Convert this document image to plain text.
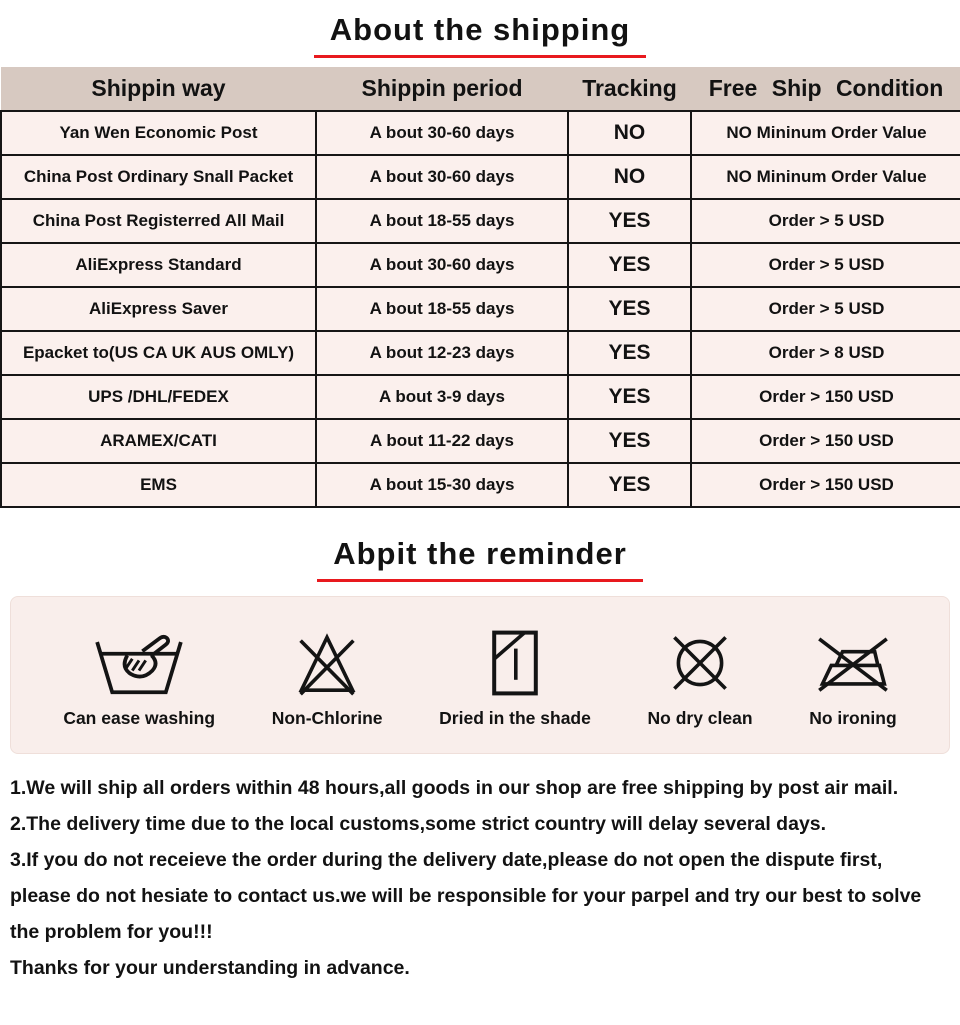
About the shipping
Shippin way	Shippin period	Tracking	Free Ship Condition
Yan Wen Economic Post	A bout 30-60 days	NO	NO Mininum Order Value
China Post Ordinary Snall Packet	A bout 30-60 days	NO	NO Mininum Order Value
China Post Registerred All Mail	A bout 18-55 days	YES	Order > 5 USD
AliExpress Standard	A bout 30-60 days	YES	Order > 5 USD
AliExpress Saver	A bout 18-55 days	YES	Order > 5 USD
Epacket to(US CA UK AUS OMLY)	A bout 12-23 days	YES	Order > 8 USD
UPS /DHL/FEDEX	A bout 3-9 days	YES	Order > 150 USD
ARAMEX/CATI	A bout 11-22 days	YES	Order > 150 USD
EMS	A bout 15-30 days	YES	Order > 150 USD
Abpit the reminder
Can ease washing	Non-Chlorine	Dried in the shade	No dry clean	No ironing

1.We will ship all orders within 48 hours,all goods in our shop are free shipping by post air mail.

2.The delivery time due to the local customs,some strict country will delay several days.

3.If you do not receieve the order during the delivery date,please do not open the dispute first,

please do not hesiate to contact us.we will be responsible for your parpel and try our best to solve

the problem for you!!!

Thanks for your understanding in advance.
